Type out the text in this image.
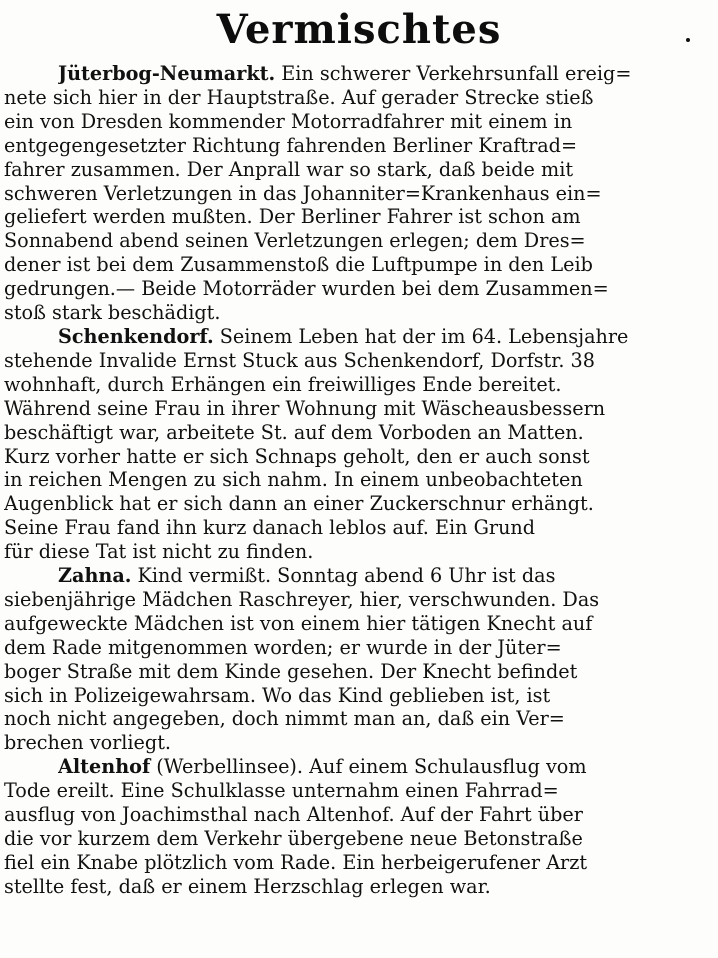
Vermischtes
Jüterbog-Neumarkt. Ein schwerer Verkehrsunfall ereig=
nete sich hier in der Hauptstraße. Auf gerader Strecke stieß
ein von Dresden kommender Motorradfahrer mit einem in
entgegengesetzter Richtung fahrenden Berliner Kraftrad=
fahrer zusammen. Der Anprall war so stark, daß beide mit
schweren Verletzungen in das Johanniter=Krankenhaus ein=
geliefert werden mußten. Der Berliner Fahrer ist schon am
Sonnabend abend seinen Verletzungen erlegen; dem Dres=
dener ist bei dem Zusammenstoß die Luftpumpe in den Leib
gedrungen.— Beide Motorräder wurden bei dem Zusammen=
stoß stark beschädigt.
Schenkendorf. Seinem Leben hat der im 64. Lebensjahre
stehende Invalide Ernst Stuck aus Schenkendorf, Dorfstr. 38
wohnhaft, durch Erhängen ein freiwilliges Ende bereitet.
Während seine Frau in ihrer Wohnung mit Wäscheausbessern
beschäftigt war, arbeitete St. auf dem Vorboden an Matten.
Kurz vorher hatte er sich Schnaps geholt, den er auch sonst
in reichen Mengen zu sich nahm. In einem unbeobachteten
Augenblick hat er sich dann an einer Zuckerschnur erhängt.
Seine Frau fand ihn kurz danach leblos auf. Ein Grund
für diese Tat ist nicht zu finden.
Zahna. Kind vermißt. Sonntag abend 6 Uhr ist das
siebenjährige Mädchen Raschreyer, hier, verschwunden. Das
aufgeweckte Mädchen ist von einem hier tätigen Knecht auf
dem Rade mitgenommen worden; er wurde in der Jüter=
boger Straße mit dem Kinde gesehen. Der Knecht befindet
sich in Polizeigewahrsam. Wo das Kind geblieben ist, ist
noch nicht angegeben, doch nimmt man an, daß ein Ver=
brechen vorliegt.
Altenhof (Werbellinsee). Auf einem Schulausflug vom
Tode ereilt. Eine Schulklasse unternahm einen Fahrrad=
ausflug von Joachimsthal nach Altenhof. Auf der Fahrt über
die vor kurzem dem Verkehr übergebene neue Betonstraße
fiel ein Knabe plötzlich vom Rade. Ein herbeigerufener Arzt
stellte fest, daß er einem Herzschlag erlegen war.
